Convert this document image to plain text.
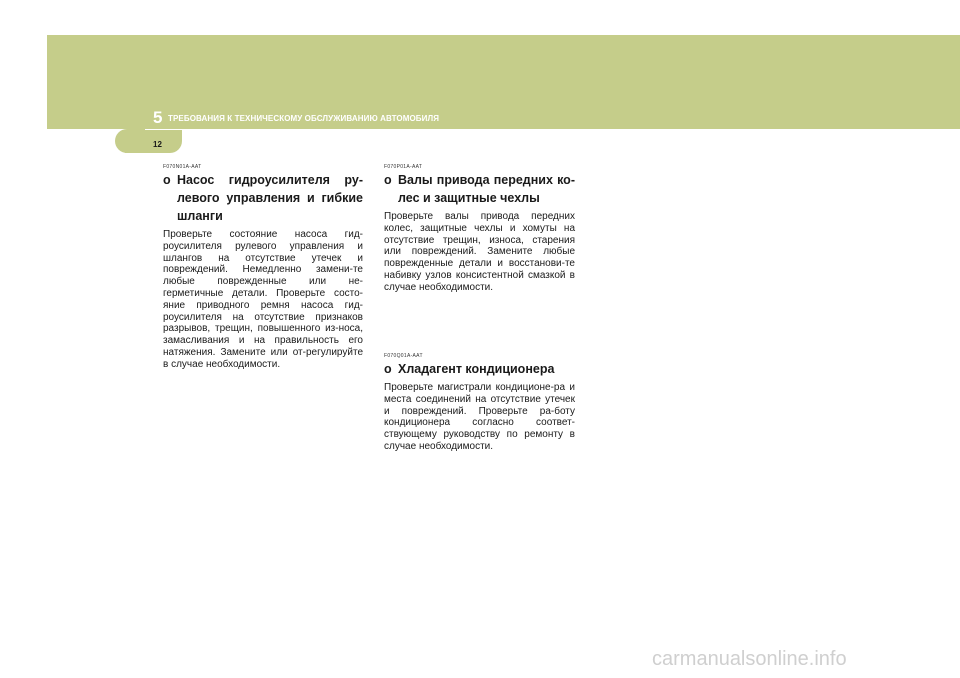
5 ТРЕБОВАНИЯ К ТЕХНИЧЕСКОМУ ОБСЛУЖИВАНИЮ АВТОМОБИЛЯ
12
F070N01A-AAT
o Насос гидроусилителя ру-левого управления и гибкие шланги

Проверьте состояние насоса гид-роусилителя рулевого управления и шлангов на отсутствие утечек и повреждений. Немедленно замени-те любые поврежденные или не-герметичные детали. Проверьте состо-яние приводного ремня насоса гид-роусилителя на отсутствие признаков разрывов, трещин, повышенного из-носа, замасливания и на правильность его натяжения. Замените или от-регулируйте в случае необходимости.

F070P01A-AAT
o Валы привода передних ко-лес и защитные чехлы

Проверьте валы привода передних колес, защитные чехлы и хомуты на отсутствие трещин, износа, старения или повреждений. Замените любые поврежденные детали и восстанови-те набивку узлов консистентной смазкой в случае необходимости.

F070Q01A-AAT
o Хладагент кондиционера

Проверьте магистрали кондиционе-ра и места соединений на отсутствие утечек и повреждений. Проверьте ра-боту кондиционера согласно соответ-ствующему руководству по ремонту в случае необходимости.

carmanualsonline.info
